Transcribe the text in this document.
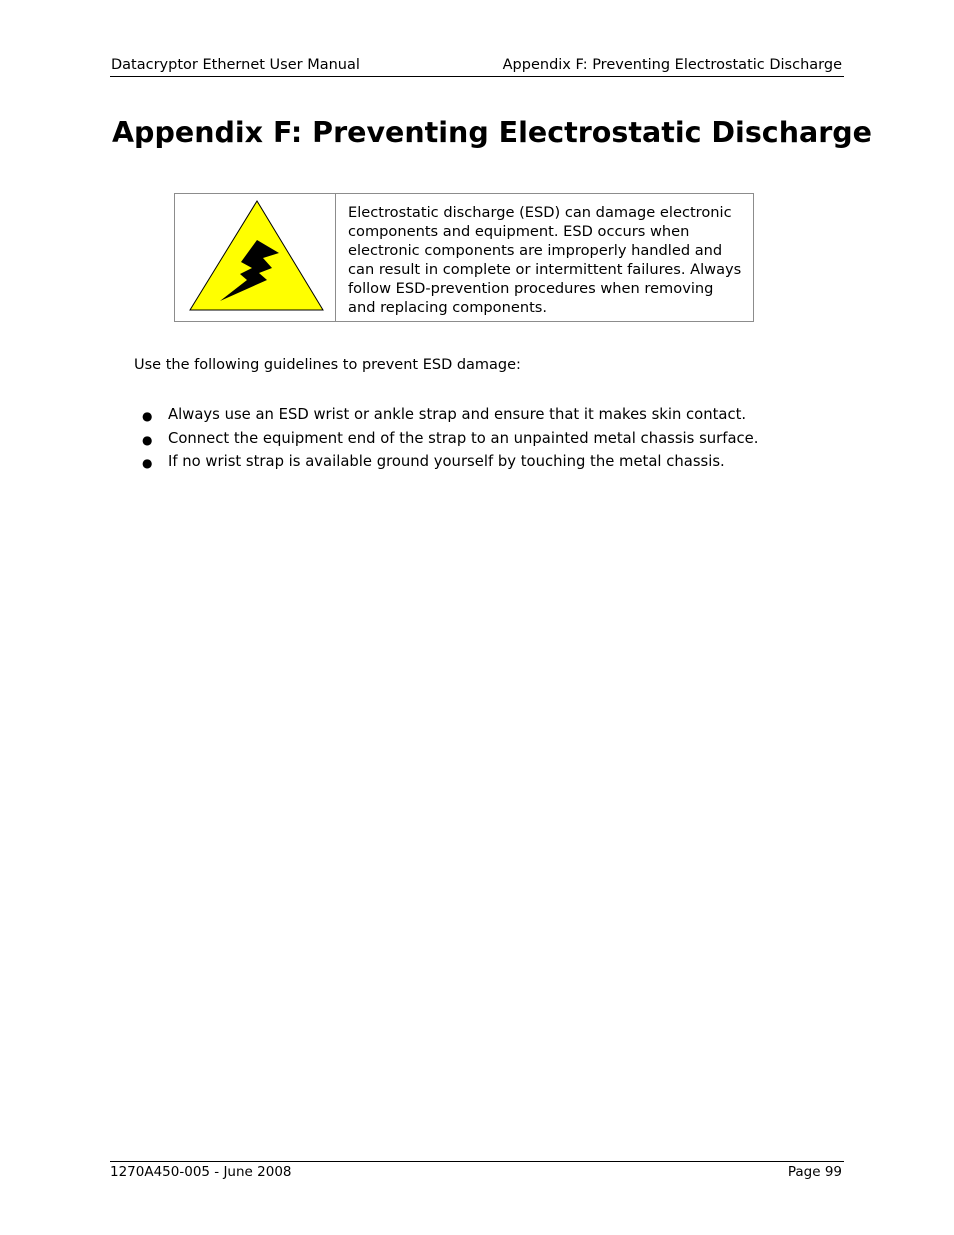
Datacryptor Ethernet User Manual	Appendix F: Preventing Electrostatic Discharge
Appendix F: Preventing Electrostatic Discharge
Electrostatic discharge (ESD) can damage electronic
components and equipment. ESD occurs when
electronic components are improperly handled and
can result in complete or intermittent failures. Always
follow ESD-prevention procedures when removing
and replacing components.
Use the following guidelines to prevent ESD damage:
● Always use an ESD wrist or ankle strap and ensure that it makes skin contact.
● Connect the equipment end of the strap to an unpainted metal chassis surface.
● If no wrist strap is available ground yourself by touching the metal chassis.
1270A450-005 - June 2008	Page 99
